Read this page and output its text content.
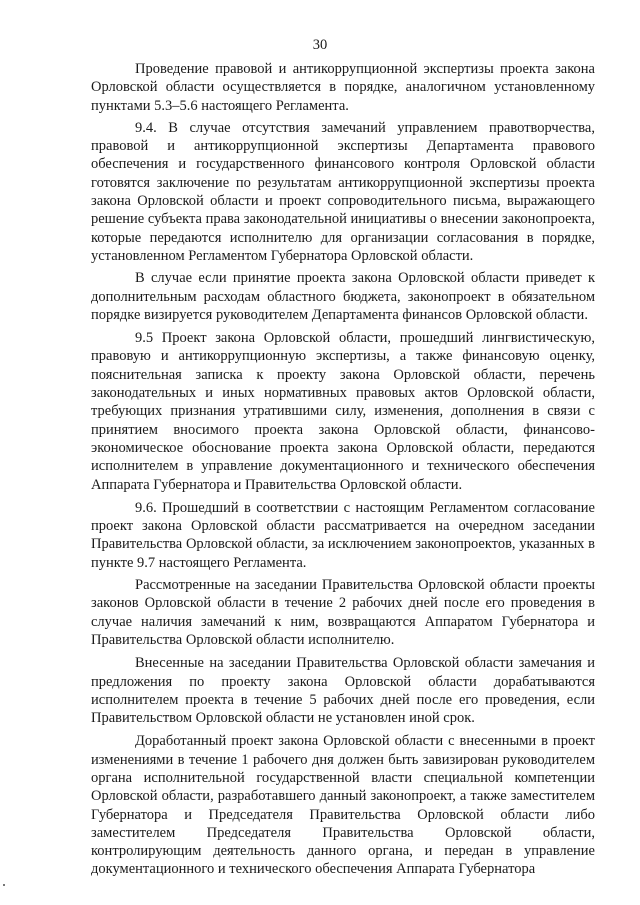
30

Проведение правовой и антикоррупционной экспертизы проекта закона Орловской области осуществляется в порядке, аналогичном установленному пунктами 5.3–5.6 настоящего Регламента.

9.4. В случае отсутствия замечаний управлением правотворчества, правовой и антикоррупционной экспертизы Департамента правового обеспечения и государственного финансового контроля Орловской области готовятся заключение по результатам антикоррупционной экспертизы проекта закона Орловской области и проект сопроводительного письма, выражающего решение субъекта права законодательной инициативы о внесении законопроекта, которые передаются исполнителю для организации согласования в порядке, установленном Регламентом Губернатора Орловской области.

В случае если принятие проекта закона Орловской области приведет к дополнительным расходам областного бюджета, законопроект в обязательном порядке визируется руководителем Департамента финансов Орловской области.

9.5 Проект закона Орловской области, прошедший лингвистическую, правовую и антикоррупционную экспертизы, а также финансовую оценку, пояснительная записка к проекту закона Орловской области, перечень законодательных и иных нормативных правовых актов Орловской области, требующих признания утратившими силу, изменения, дополнения в связи с принятием вносимого проекта закона Орловской области, финансово-экономическое обоснование проекта закона Орловской области, передаются исполнителем в управление документационного и технического обеспечения Аппарата Губернатора и Правительства Орловской области.

9.6. Прошедший в соответствии с настоящим Регламентом согласование проект закона Орловской области рассматривается на очередном заседании Правительства Орловской области, за исключением законопроектов, указанных в пункте 9.7 настоящего Регламента.

Рассмотренные на заседании Правительства Орловской области проекты законов Орловской области в течение 2 рабочих дней после его проведения в случае наличия замечаний к ним, возвращаются Аппаратом Губернатора и Правительства Орловской области исполнителю.

Внесенные на заседании Правительства Орловской области замечания и предложения по проекту закона Орловской области дорабатываются исполнителем проекта в течение 5 рабочих дней после его проведения, если Правительством Орловской области не установлен иной срок.

Доработанный проект закона Орловской области с внесенными в проект изменениями в течение 1 рабочего дня должен быть завизирован руководителем органа исполнительной государственной власти специальной компетенции Орловской области, разработавшего данный законопроект, а также заместителем Губернатора и Председателя Правительства Орловской области либо заместителем Председателя Правительства Орловской области, контролирующим деятельность данного органа, и передан в управление документационного и технического обеспечения Аппарата Губернатора
